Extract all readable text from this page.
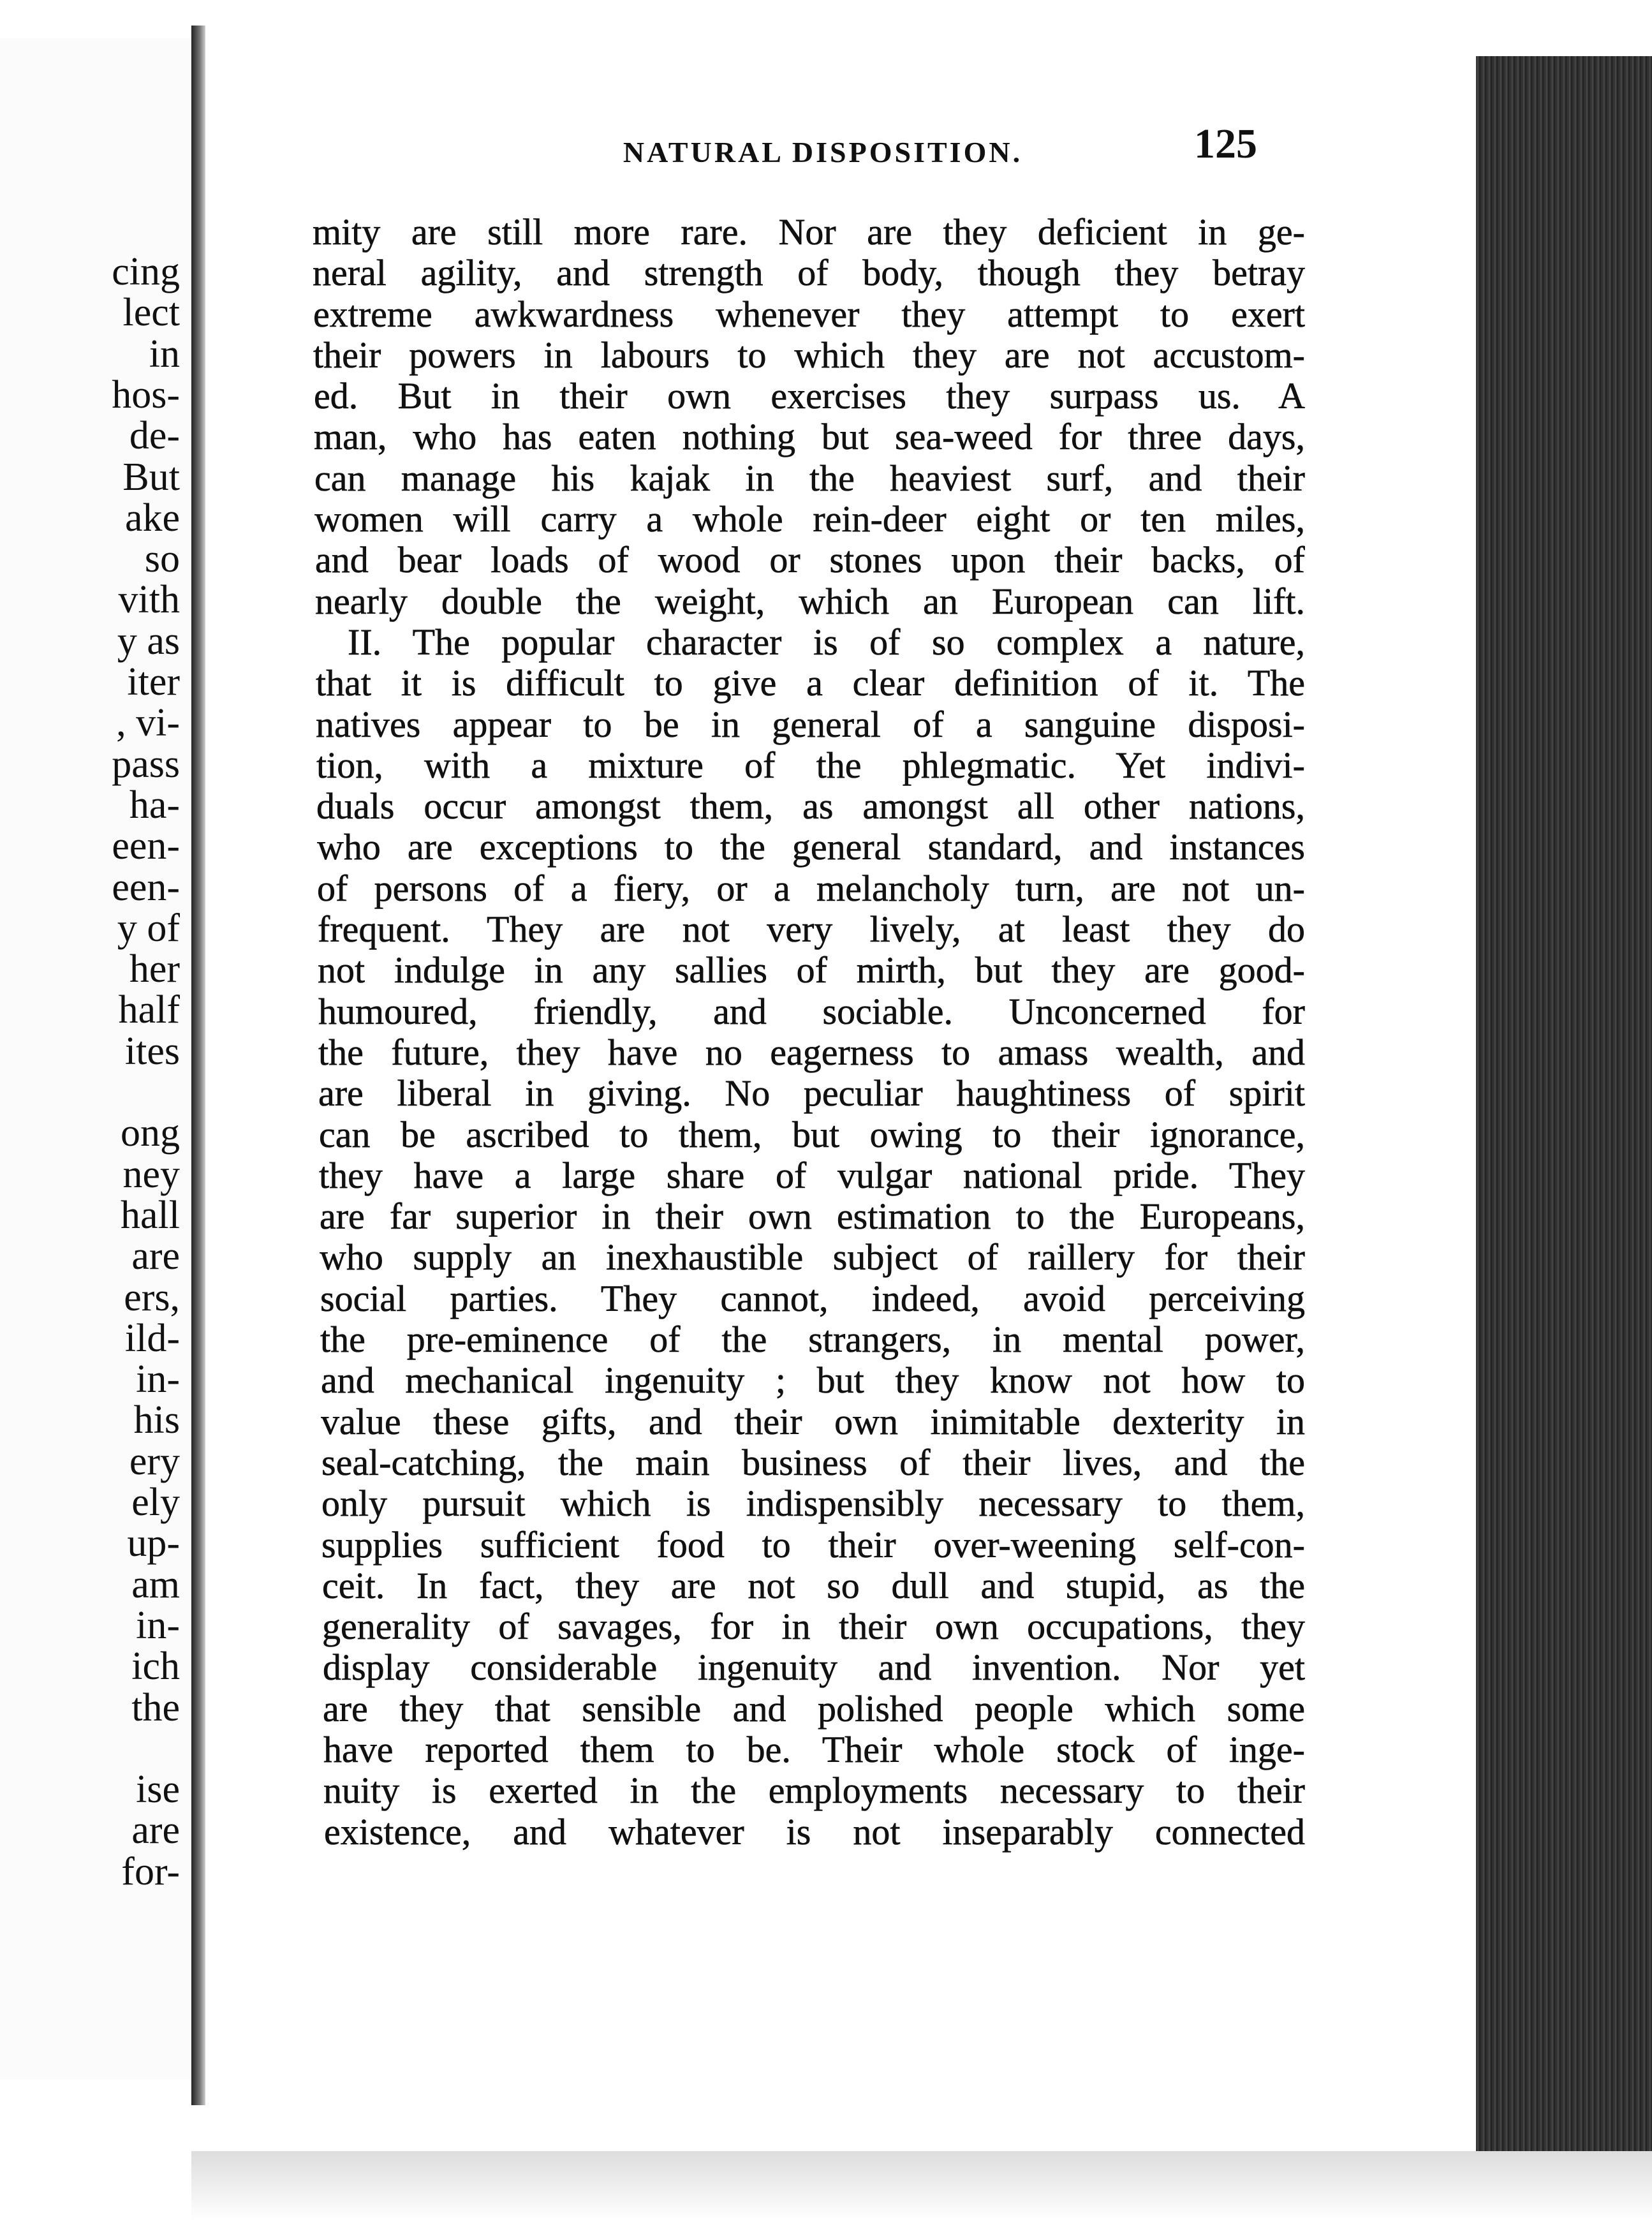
cing
lect
in
hos-
de-
But
ake
so
vith
y as
iter
, vi-
pass
ha-
een-
een-
y of
her
half
ites
ong
ney
hall
are
ers,
ild-
in-
his
ery
ely
up-
am
in-
ich
the
ise
are
for-
NATURAL DISPOSITION.	125
mity are still more rare. Nor are they deficient in ge-
neral agility, and strength of body, though they betray
extreme awkwardness whenever they attempt to exert
their powers in labours to which they are not accustom-
ed. But in their own exercises they surpass us. A
man, who has eaten nothing but sea-weed for three days,
can manage his kajak in the heaviest surf, and their
women will carry a whole rein-deer eight or ten miles,
and bear loads of wood or stones upon their backs, of
nearly double the weight, which an European can lift.
II. The popular character is of so complex a nature,
that it is difficult to give a clear definition of it. The
natives appear to be in general of a sanguine disposi-
tion, with a mixture of the phlegmatic. Yet indivi-
duals occur amongst them, as amongst all other nations,
who are exceptions to the general standard, and instances
of persons of a fiery, or a melancholy turn, are not un-
frequent. They are not very lively, at least they do
not indulge in any sallies of mirth, but they are good-
humoured, friendly, and sociable. Unconcerned for
the future, they have no eagerness to amass wealth, and
are liberal in giving. No peculiar haughtiness of spirit
can be ascribed to them, but owing to their ignorance,
they have a large share of vulgar national pride. They
are far superior in their own estimation to the Europeans,
who supply an inexhaustible subject of raillery for their
social parties. They cannot, indeed, avoid perceiving
the pre-eminence of the strangers, in mental power,
and mechanical ingenuity ; but they know not how to
value these gifts, and their own inimitable dexterity in
seal-catching, the main business of their lives, and the
only pursuit which is indispensibly necessary to them,
supplies sufficient food to their over-weening self-con-
ceit. In fact, they are not so dull and stupid, as the
generality of savages, for in their own occupations, they
display considerable ingenuity and invention. Nor yet
are they that sensible and polished people which some
have reported them to be. Their whole stock of inge-
nuity is exerted in the employments necessary to their
existence, and whatever is not inseparably connected
